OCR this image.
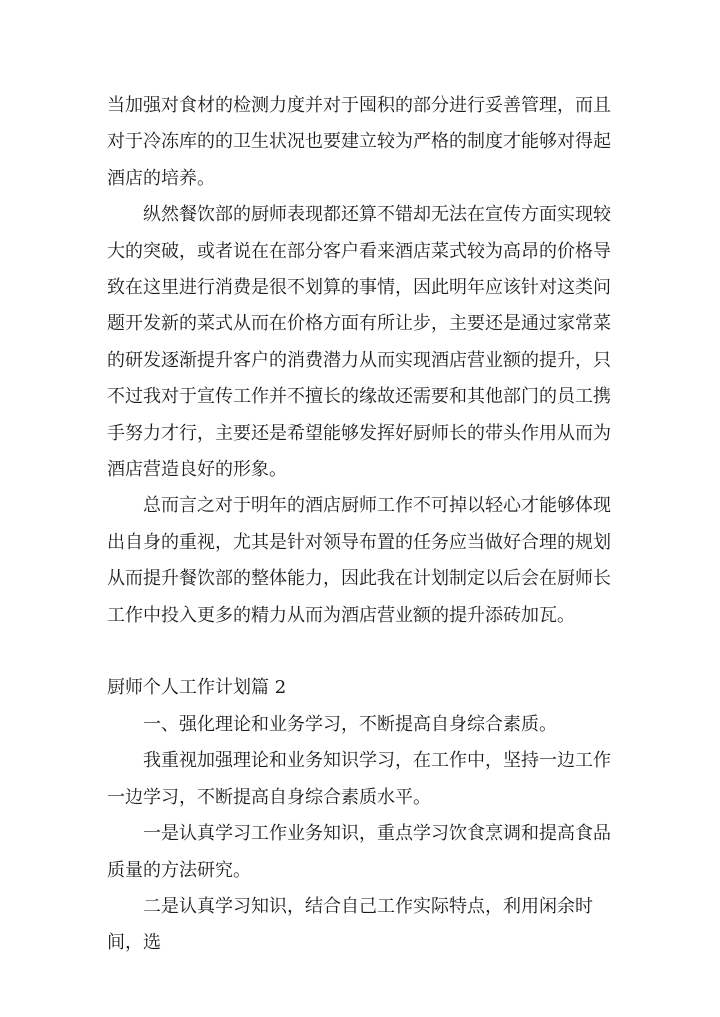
当加强对食材的检测力度并对于囤积的部分进行妥善管理，而且对于冷冻库的的卫生状况也要建立较为严格的制度才能够对得起酒店的培养。

纵然餐饮部的厨师表现都还算不错却无法在宣传方面实现较大的突破，或者说在在部分客户看来酒店菜式较为高昂的价格导致在这里进行消费是很不划算的事情，因此明年应该针对这类问题开发新的菜式从而在价格方面有所让步，主要还是通过家常菜的研发逐渐提升客户的消费潜力从而实现酒店营业额的提升，只不过我对于宣传工作并不擅长的缘故还需要和其他部门的员工携手努力才行，主要还是希望能够发挥好厨师长的带头作用从而为酒店营造良好的形象。

总而言之对于明年的酒店厨师工作不可掉以轻心才能够体现出自身的重视，尤其是针对领导布置的任务应当做好合理的规划从而提升餐饮部的整体能力，因此我在计划制定以后会在厨师长工作中投入更多的精力从而为酒店营业额的提升添砖加瓦。

厨师个人工作计划篇 2

一、强化理论和业务学习，不断提高自身综合素质。

我重视加强理论和业务知识学习，在工作中，坚持一边工作一边学习，不断提高自身综合素质水平。

一是认真学习工作业务知识，重点学习饮食烹调和提高食品质量的方法研究。

二是认真学习知识，结合自己工作实际特点，利用闲余时间，选
